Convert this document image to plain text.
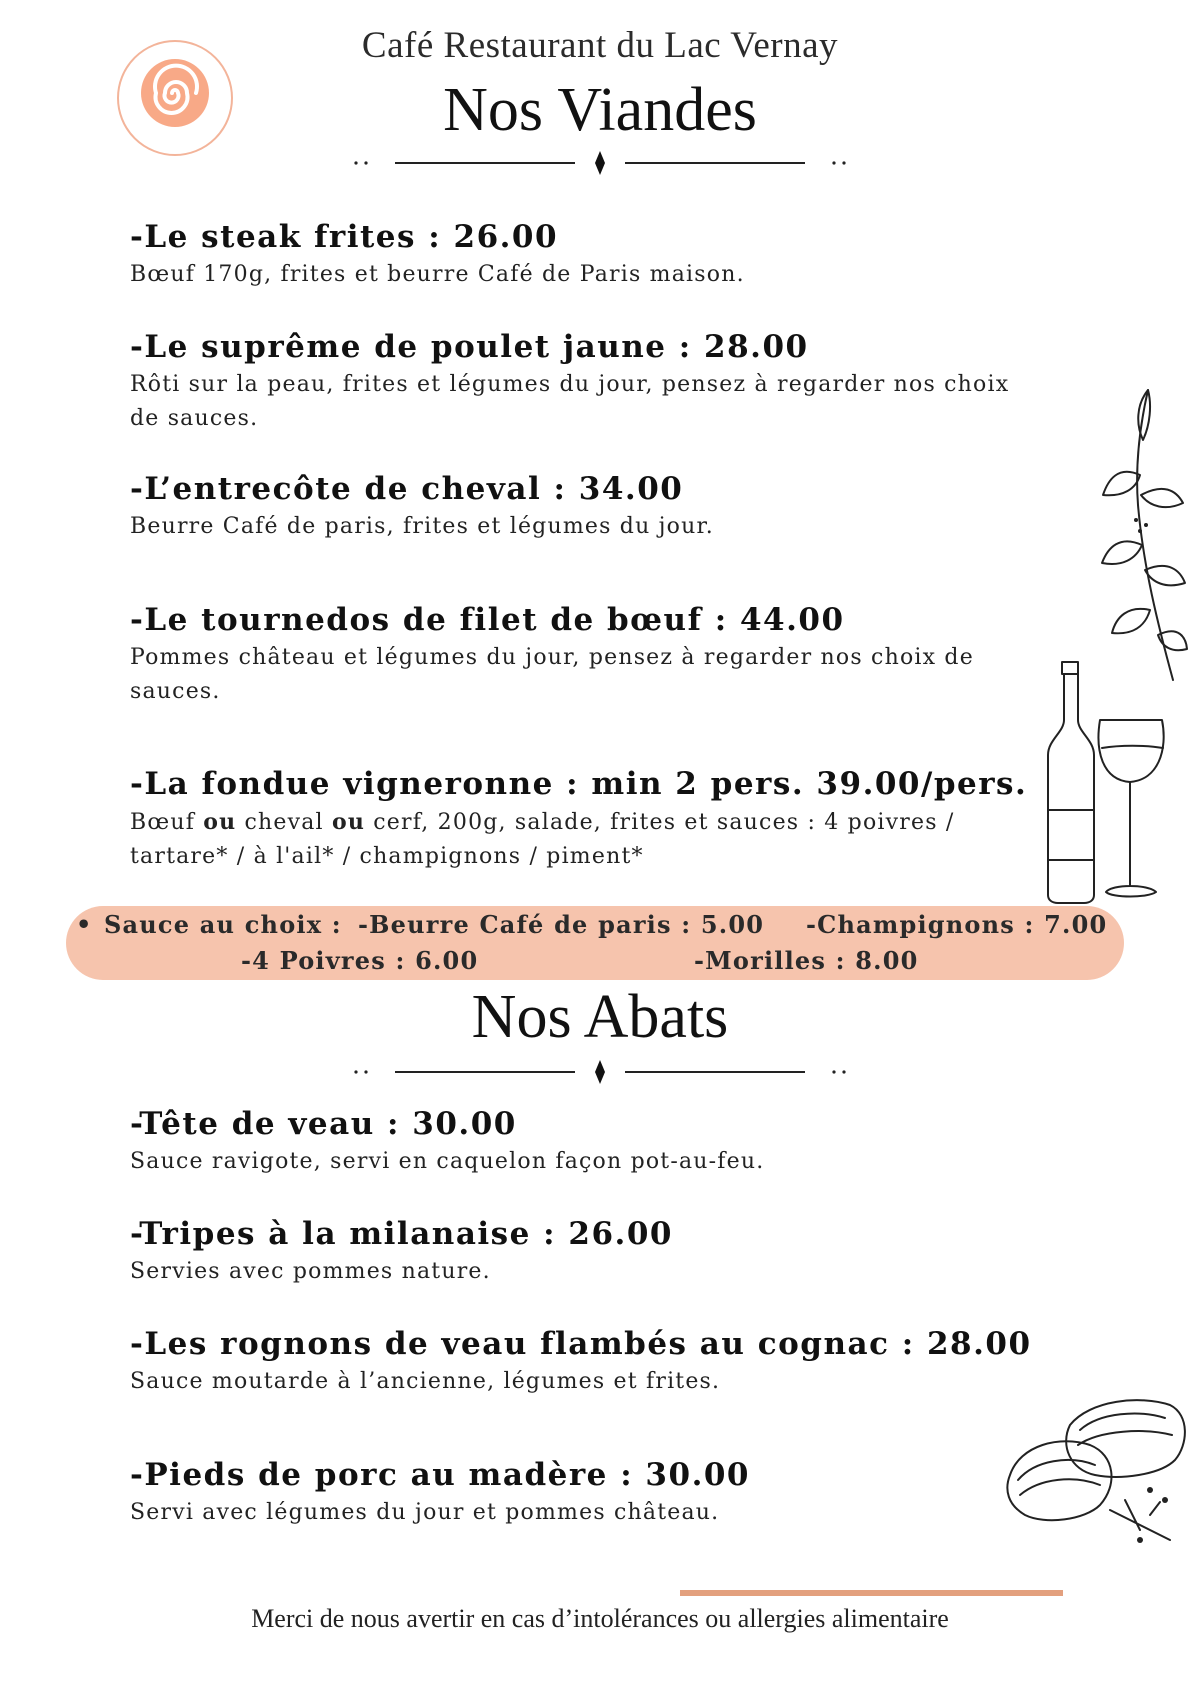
Café Restaurant du Lac Vernay
Nos Viandes
-Le steak frites : 26.00
Bœuf 170g, frites et beurre Café de Paris maison.
-Le suprême de poulet jaune : 28.00
Rôti sur la peau, frites et légumes du jour, pensez à regarder nos choix
de sauces.
-L’entrecôte de cheval : 34.00
Beurre Café de paris, frites et légumes du jour.
-Le tournedos de filet de bœuf : 44.00
Pommes château et légumes du jour, pensez à regarder nos choix de
sauces.
-La fondue vigneronne : min 2 pers. 39.00/pers.
Bœuf ou cheval ou cerf, 200g, salade, frites et sauces : 4 poivres /
tartare* / à l'ail* / champignons / piment*
• Sauce au choix : -Beurre Café de paris : 5.00 -Champignons : 7.00
-4 Poivres : 6.00	-Morilles : 8.00
Nos Abats
-Tête de veau : 30.00
Sauce ravigote, servi en caquelon façon pot-au-feu.
-Tripes à la milanaise : 26.00
Servies avec pommes nature.
-Les rognons de veau flambés au cognac : 28.00
Sauce moutarde à l’ancienne, légumes et frites.
-Pieds de porc au madère : 30.00
Servi avec légumes du jour et pommes château.
Merci de nous avertir en cas d’intolérances ou allergies alimentaire
